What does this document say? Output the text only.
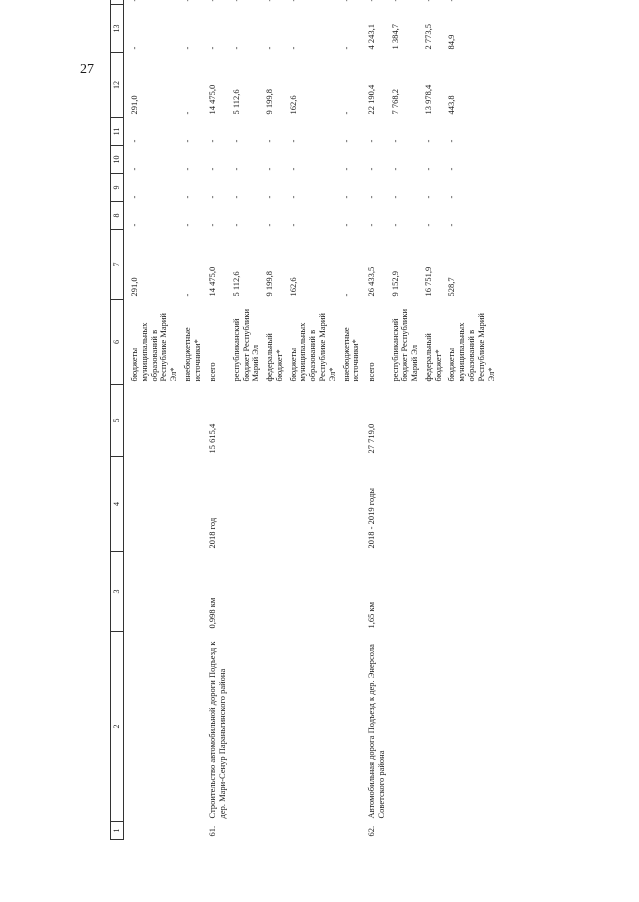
27
1	2	3	4	5	6	7	8	9	10	11	12	13		
					бюджеты муниципальных образований в Республике Марий Эл*	291,0	-	-	-	-	291,0	-	-	
					внебюджетные источники*	-	-	-	-	-	-	-	-	
61.	Строительство автомобильной дороги Подъезд к дер. Мари-Сенур Параньгинского района	0,998 км	2018 год	15 615,4	всего	14 475,0	-	-	-	-	14 475,0	-	-	
					республиканский бюджет Республики Марий Эл	5 112,6	-	-	-	-	5 112,6	-	-	
					федеральный бюджет*	9 199,8	-	-	-	-	9 199,8	-	-	
					бюджеты муниципальных образований в Республике Марий Эл*	162,6	-	-	-	-	162,6	-	-	
					внебюджетные источники*	-	-	-	-	-	-	-	-	
62.	Автомобильная дорога Подъезд к дер. Энерсола Советского района	1,65 км	2018 - 2019 годы	27 719,0	всего	26 433,5	-	-	-	-	22 190,4	4 243,1	-	
					республиканский бюджет Республики Марий Эл	9 152,9	-	-	-	-	7 768,2	1 384,7	-	
					федеральный бюджет*	16 751,9	-	-	-	-	13 978,4	2 773,5	-	
					бюджеты муниципальных образований в Республике Марий Эл*	528,7	-	-	-	-	443,8	84,9	-	
